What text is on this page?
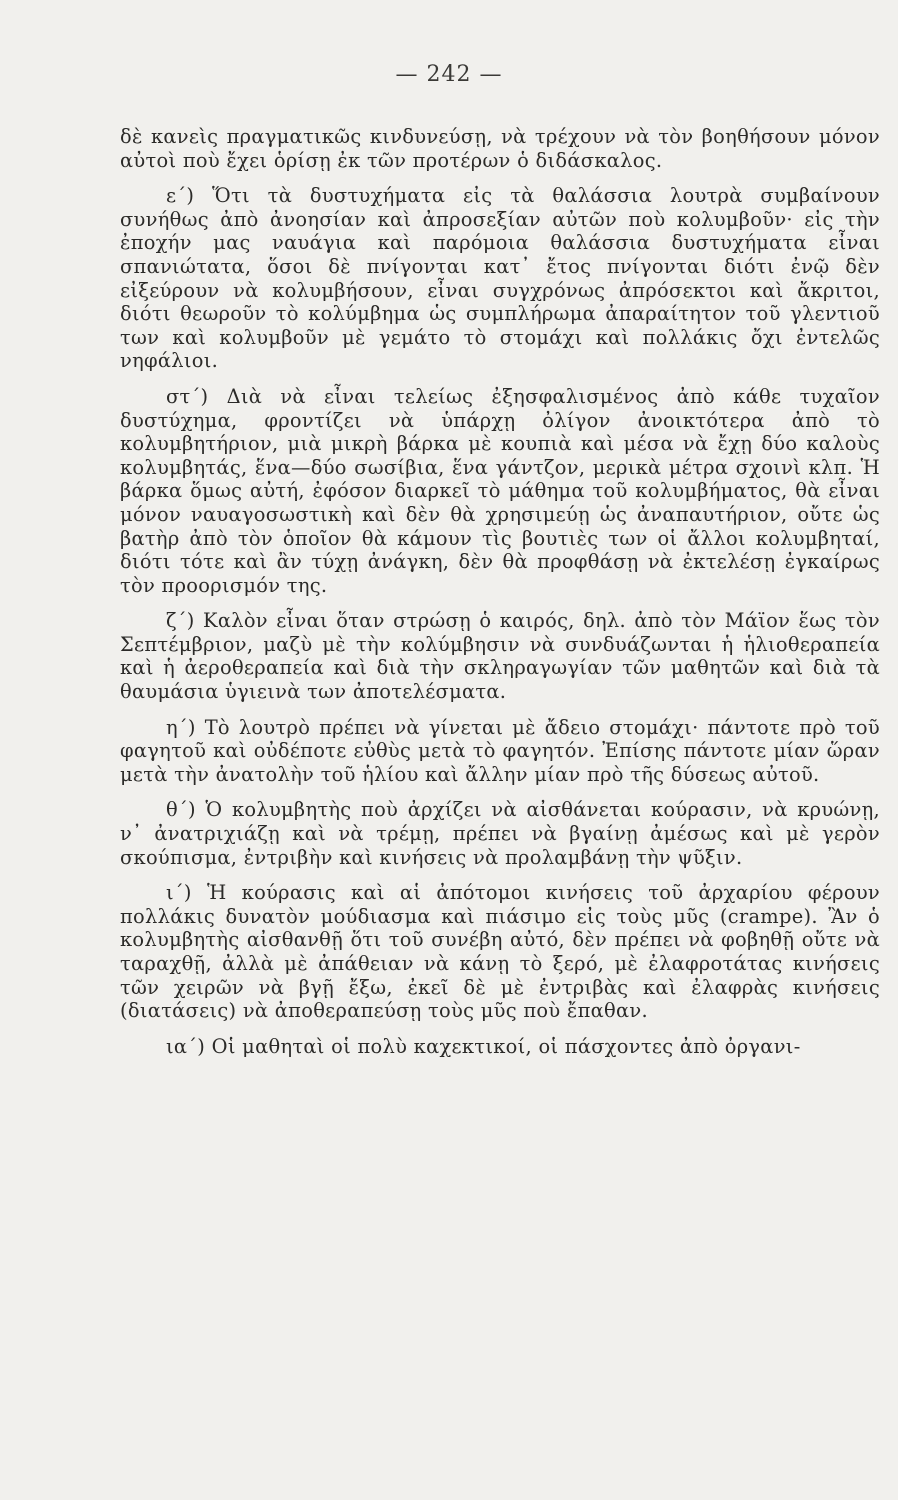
— 242 —

δὲ κανεὶς πραγματικῶς κινδυνεύσῃ, νὰ τρέχουν νὰ τὸν βοηθήσουν μόνον αὐτοὶ ποὺ ἔχει ὁρίσῃ ἐκ τῶν προτέρων ὁ διδάσκαλος.

ε΄) Ὅτι τὰ δυστυχήματα εἰς τὰ θαλάσσια λουτρὰ συμβαίνουν συνήθως ἀπὸ ἀνοησίαν καὶ ἀπροσεξίαν αὐτῶν ποὺ κολυμβοῦν· εἰς τὴν ἐποχήν μας ναυάγια καὶ παρόμοια θαλάσσια δυστυχήματα εἶναι σπανιώτατα, ὅσοι δὲ πνίγονται κατ᾿ ἔτος πνίγονται διότι ἐνῷ δὲν εἰξεύρουν νὰ κολυμβήσουν, εἶναι συγχρόνως ἀπρόσεκτοι καὶ ἄκριτοι, διότι θεωροῦν τὸ κολύμβημα ὡς συμπλήρωμα ἀπαραίτητον τοῦ γλεντιοῦ των καὶ κολυμβοῦν μὲ γεμάτο τὸ στομάχι καὶ πολλάκις ὄχι ἐντελῶς νηφάλιοι.

στ΄) Διὰ νὰ εἶναι τελείως ἐξησφαλισμένος ἀπὸ κάθε τυχαῖον δυστύχημα, φροντίζει νὰ ὑπάρχῃ ὀλίγον ἀνοικτότερα ἀπὸ τὸ κολυμβητήριον, μιὰ μικρὴ βάρκα μὲ κουπιὰ καὶ μέσα νὰ ἔχῃ δύο καλοὺς κολυμβητάς, ἕνα—δύο σωσίβια, ἕνα γάντζον, μερικὰ μέτρα σχοινὶ κλπ. Ἡ βάρκα ὅμως αὐτή, ἐφόσον διαρκεῖ τὸ μάθημα τοῦ κολυμβήματος, θὰ εἶναι μόνον ναυαγοσωστικὴ καὶ δὲν θὰ χρησιμεύῃ ὡς ἀναπαυτήριον, οὔτε ὡς βατὴρ ἀπὸ τὸν ὁποῖον θὰ κάμουν τὶς βουτιὲς των οἱ ἄλλοι κολυμβηταί, διότι τότε καὶ ἂν τύχῃ ἀνάγκη, δὲν θὰ προφθάσῃ νὰ ἐκτελέσῃ ἐγκαίρως τὸν προορισμόν της.

ζ΄) Καλὸν εἶναι ὅταν στρώσῃ ὁ καιρός, δηλ. ἀπὸ τὸν Μάϊον ἕως τὸν Σεπτέμβριον, μαζὺ μὲ τὴν κολύμβησιν νὰ συνδυάζωνται ἡ ἡλιοθεραπεία καὶ ἡ ἀεροθεραπεία καὶ διὰ τὴν σκληραγωγίαν τῶν μαθητῶν καὶ διὰ τὰ θαυμάσια ὑγιεινὰ των ἀποτελέσματα.

η΄) Τὸ λουτρὸ πρέπει νὰ γίνεται μὲ ἄδειο στομάχι· πάντοτε πρὸ τοῦ φαγητοῦ καὶ οὐδέποτε εὐθὺς μετὰ τὸ φαγητόν. Ἐπίσης πάντοτε μίαν ὥραν μετὰ τὴν ἀνατολὴν τοῦ ἡλίου καὶ ἄλλην μίαν πρὸ τῆς δύσεως αὐτοῦ.

θ΄) Ὁ κολυμβητὴς ποὺ ἀρχίζει νὰ αἰσθάνεται κούρασιν, νὰ κρυώνῃ, ν᾿ ἀνατριχιάζῃ καὶ νὰ τρέμῃ, πρέπει νὰ βγαίνῃ ἀμέσως καὶ μὲ γερὸν σκούπισμα, ἐντριβὴν καὶ κινήσεις νὰ προλαμβάνῃ τὴν ψῦξιν.

ι΄) Ἡ κούρασις καὶ αἱ ἀπότομοι κινήσεις τοῦ ἀρχαρίου φέρουν πολλάκις δυνατὸν μούδιασμα καὶ πιάσιμο εἰς τοὺς μῦς (crampe). Ἂν ὁ κολυμβητὴς αἰσθανθῇ ὅτι τοῦ συνέβη αὐτό, δὲν πρέπει νὰ φοβηθῇ οὔτε νὰ ταραχθῇ, ἀλλὰ μὲ ἀπάθειαν νὰ κάνῃ τὸ ξερό, μὲ ἐλαφροτάτας κινήσεις τῶν χειρῶν νὰ βγῇ ἔξω, ἐκεῖ δὲ μὲ ἐντριβὰς καὶ ἐλαφρὰς κινήσεις (διατάσεις) νὰ ἀποθεραπεύσῃ τοὺς μῦς ποὺ ἔπαθαν.

ια΄) Οἱ μαθηταὶ οἱ πολὺ καχεκτικοί, οἱ πάσχοντες ἀπὸ ὀργανι-
